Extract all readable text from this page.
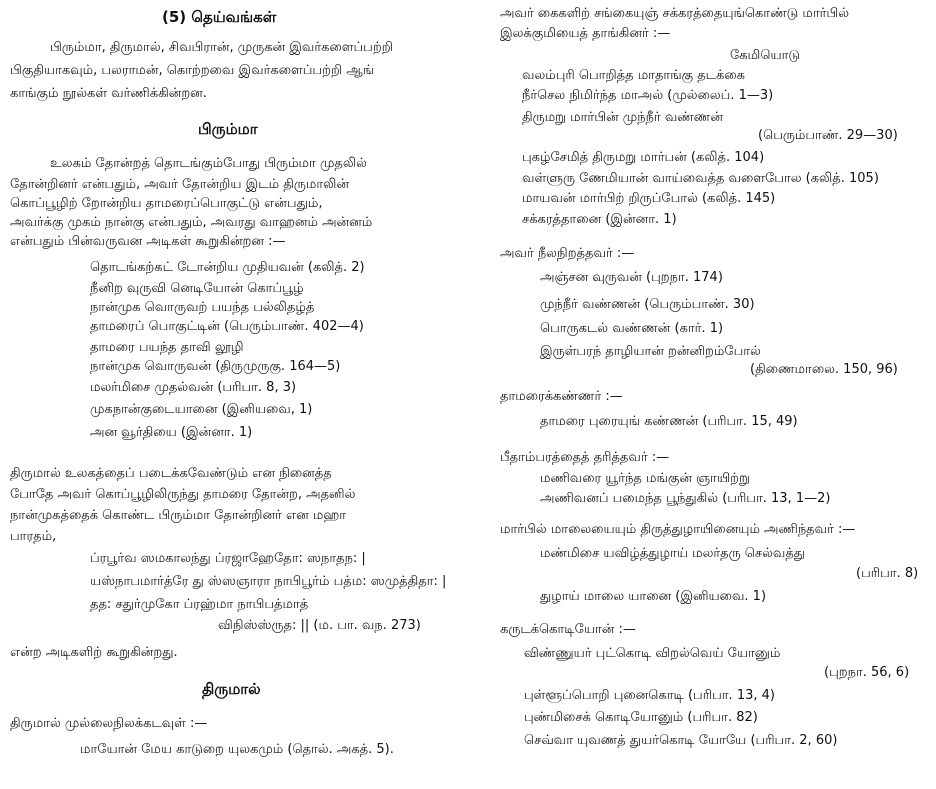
(5) தெய்வங்கள்
பிரும்மா, திருமால், சிவபிரான், முருகன் இவர்களைப்பற்றி
பிகுதியாகவும், பலராமன், கொற்றவை இவர்களைப்பற்றி ஆங்
காங்கும் நூல்கள் வர்ணிக்கின்றன.
பிரும்மா
உலகம் தோன்றத் தொடங்கும்போது பிரும்மா முதலில்
தோன்றினர் என்பதும், அவர் தோன்றிய இடம் திருமாலின்
கொப்பூழிற் றோன்றிய தாமரைப்பொகுட்டு என்பதும்,
அவர்க்கு முகம் நான்கு என்பதும், அவரது வாஹனம் அன்னம்
என்பதும் பின்வருவன அடிகள் கூறுகின்றன :—
தொடங்கற்கட் டோன்றிய முதியவன் (கலித். 2)
நீனிற வுருவி னெடியோன் கொப்பூழ்
நான்முக வொருவற் பயந்த பல்லிதழ்த்
தாமரைப் பொகுட்டின் (பெரும்பாண். 402—4)
தாமரை பயந்த தாவி லூழி
நான்முக வொருவன் (திருமுருகு. 164—5)
மலர்மிசை முதல்வன் (பரிபா. 8, 3)
முகநான்குடையானை (இனியவை, 1)
அன வூர்தியை (இன்னா. 1)
திருமால் உலகத்தைப் படைக்கவேண்டும் என நினைத்த
போதே அவர் கொப்பூழிலிருந்து தாமரை தோன்ற, அதனில்
நான்முகத்தைக் கொண்ட பிரும்மா தோன்றினர் என மஹா
பாரதம்,
ப்ரபூர்வ ஸமகாலந்து ப்ரஜாஹேதோ: ஸநாதந: |
யஸ்நாபமார்த்ரே து ஸ்ஸஞாரா நாபிபூர்ம் பத்ம: ஸமுத்திதா: |
தத: சதுர்முகோ ப்ரஹ்மா நாபிபத்மாத்
விநிஸ்ஸ்ருத: || (ம. பா. வந. 273)
என்ற அடிகளிற் கூறுகின்றது.
திருமால்
திருமால் முல்லைநிலக்கடவுள் :—
மாயோன் மேய காடுறை யுலகமும் (தொல். அகத். 5).
அவர் கைகளிற் சங்கையுஞ் சக்கரத்தையுங்கொண்டு மார்பில்
இலக்குமியைத் தாங்கினர் :—
கேமியொடு
வலம்புரி பொறித்த மாதாங்கு தடக்கை
நீர்செல நிமிர்ந்த மாஅல் (முல்லைப். 1—3)
திருமறு மார்பின் முந்நீர் வண்ணன்
(பெரும்பாண். 29—30)
புகழ்சேமித் திருமறு மார்பன் (கலித். 104)
வள்ளுரு ணேமியான் வாய்வைத்த வளைபோல (கலித். 105)
மாயவன் மார்பிற் றிருப்போல் (கலித். 145)
சக்கரத்தானை (இன்னா. 1)
அவர் நீலநிறத்தவர் :—
அஞ்சன வுருவன் (புறநா. 174)
முந்நீர் வண்ணன் (பெரும்பாண். 30)
பொருகடல் வண்ணன் (கார். 1)
இருள்பரந் தாழியான் றன்னிறம்போல்
(திணைமாலை. 150, 96)
தாமரைக்கண்ணர் :—
தாமரை புரையுங் கண்ணன் (பரிபா. 15, 49)
பீதாம்பரத்தைத் தரித்தவர் :—
மணிவரை யூர்ந்த மங்குன் ஞாயிற்று
அணிவனப் பமைந்த பூந்துகில் (பரிபா. 13, 1—2)
மார்பில் மாலையையும் திருத்துழாயினையும் அணிந்தவர் :—
மண்மிசை யவிழ்த்துழாய் மலர்தரு செல்வத்து
(பரிபா. 8)
துழாய் மாலை யானை (இனியவை. 1)
கருடக்கொடியோன் :—
விண்ணுயர் புட்கொடி விறல்வெய் யோனும்
(புறநா. 56, 6)
புள்ளூப்பொறி புனைகொடி (பரிபா. 13, 4)
புண்மிசைக் கொடியோனும் (பரிபா. 82)
செவ்வா யுவணத் துயர்கொடி யோயே (பரிபா. 2, 60)
